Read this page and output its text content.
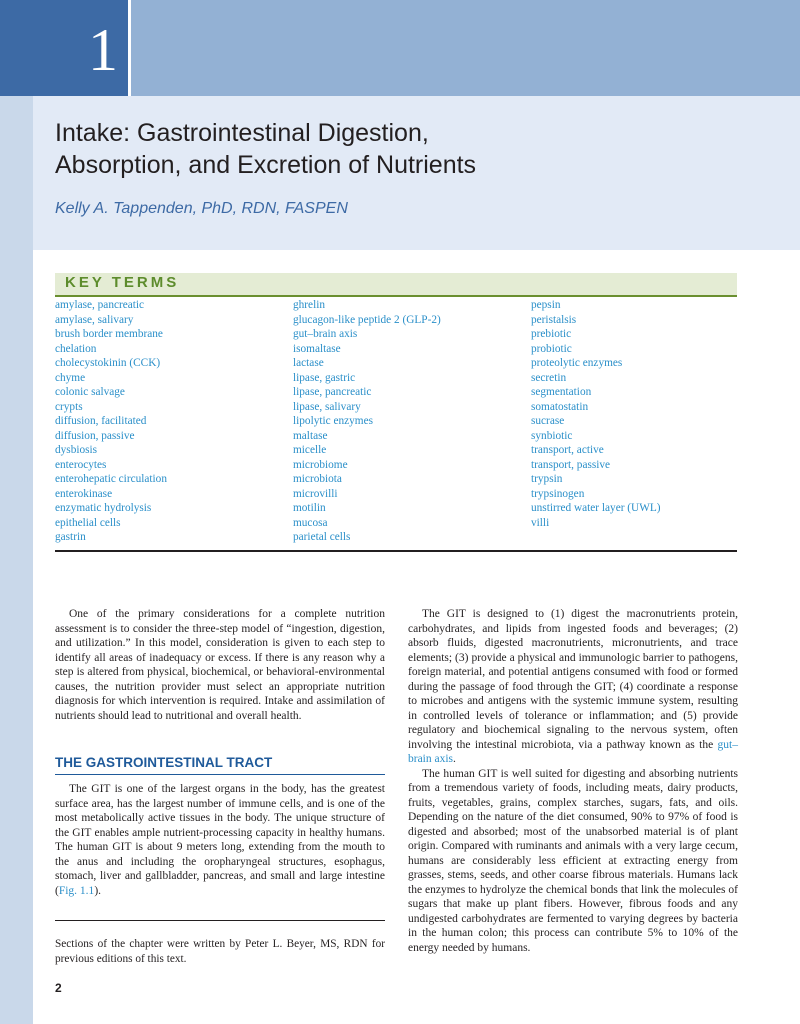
1
Intake: Gastrointestinal Digestion,
Absorption, and Excretion of Nutrients
Kelly A. Tappenden, PhD, RDN, FASPEN
KEY TERMS
amylase, pancreatic
amylase, salivary
brush border membrane
chelation
cholecystokinin (CCK)
chyme
colonic salvage
crypts
diffusion, facilitated
diffusion, passive
dysbiosis
enterocytes
enterohepatic circulation
enterokinase
enzymatic hydrolysis
epithelial cells
gastrin
ghrelin
glucagon-like peptide 2 (GLP-2)
gut–brain axis
isomaltase
lactase
lipase, gastric
lipase, pancreatic
lipase, salivary
lipolytic enzymes
maltase
micelle
microbiome
microbiota
microvilli
motilin
mucosa
parietal cells
pepsin
peristalsis
prebiotic
probiotic
proteolytic enzymes
secretin
segmentation
somatostatin
sucrase
synbiotic
transport, active
transport, passive
trypsin
trypsinogen
unstirred water layer (UWL)
villi

One of the primary considerations for a complete nutrition assessment is to consider the three-step model of “ingestion, digestion, and utilization.” In this model, consideration is given to each step to identify all areas of inadequacy or excess. If there is any reason why a step is altered from physical, biochemical, or behavioral-environmental causes, the nutrition provider must select an appropriate nutrition diagnosis for which intervention is required. Intake and assimilation of nutrients should lead to nutritional and overall health.

THE GASTROINTESTINAL TRACT

The GIT is one of the largest organs in the body, has the greatest surface area, has the largest number of immune cells, and is one of the most metabolically active tissues in the body. The unique structure of the GIT enables ample nutrient-processing capacity in healthy humans. The human GIT is about 9 meters long, extending from the mouth to the anus and including the oropharyngeal structures, esophagus, stomach, liver and gallbladder, pancreas, and small and large intestine (Fig. 1.1).

Sections of the chapter were written by Peter L. Beyer, MS, RDN for previous editions of this text.

The GIT is designed to (1) digest the macronutrients protein, carbohydrates, and lipids from ingested foods and beverages; (2) absorb fluids, digested macronutrients, micronutrients, and trace elements; (3) provide a physical and immunologic barrier to pathogens, foreign material, and potential antigens consumed with food or formed during the passage of food through the GIT; (4) coordinate a response to microbes and antigens with the systemic immune system, resulting in controlled levels of tolerance or inflammation; and (5) provide regulatory and biochemical signaling to the nervous system, often involving the intestinal microbiota, via a pathway known as the gut–brain axis.

The human GIT is well suited for digesting and absorbing nutrients from a tremendous variety of foods, including meats, dairy products, fruits, vegetables, grains, complex starches, sugars, fats, and oils. Depending on the nature of the diet consumed, 90% to 97% of food is digested and absorbed; most of the unabsorbed material is of plant origin. Compared with ruminants and animals with a very large cecum, humans are considerably less efficient at extracting energy from grasses, stems, seeds, and other coarse fibrous materials. Humans lack the enzymes to hydrolyze the chemical bonds that link the molecules of sugars that make up plant fibers. However, fibrous foods and any undigested carbohydrates are fermented to varying degrees by bacteria in the human colon; this process can contribute 5% to 10% of the energy needed by humans.

2
